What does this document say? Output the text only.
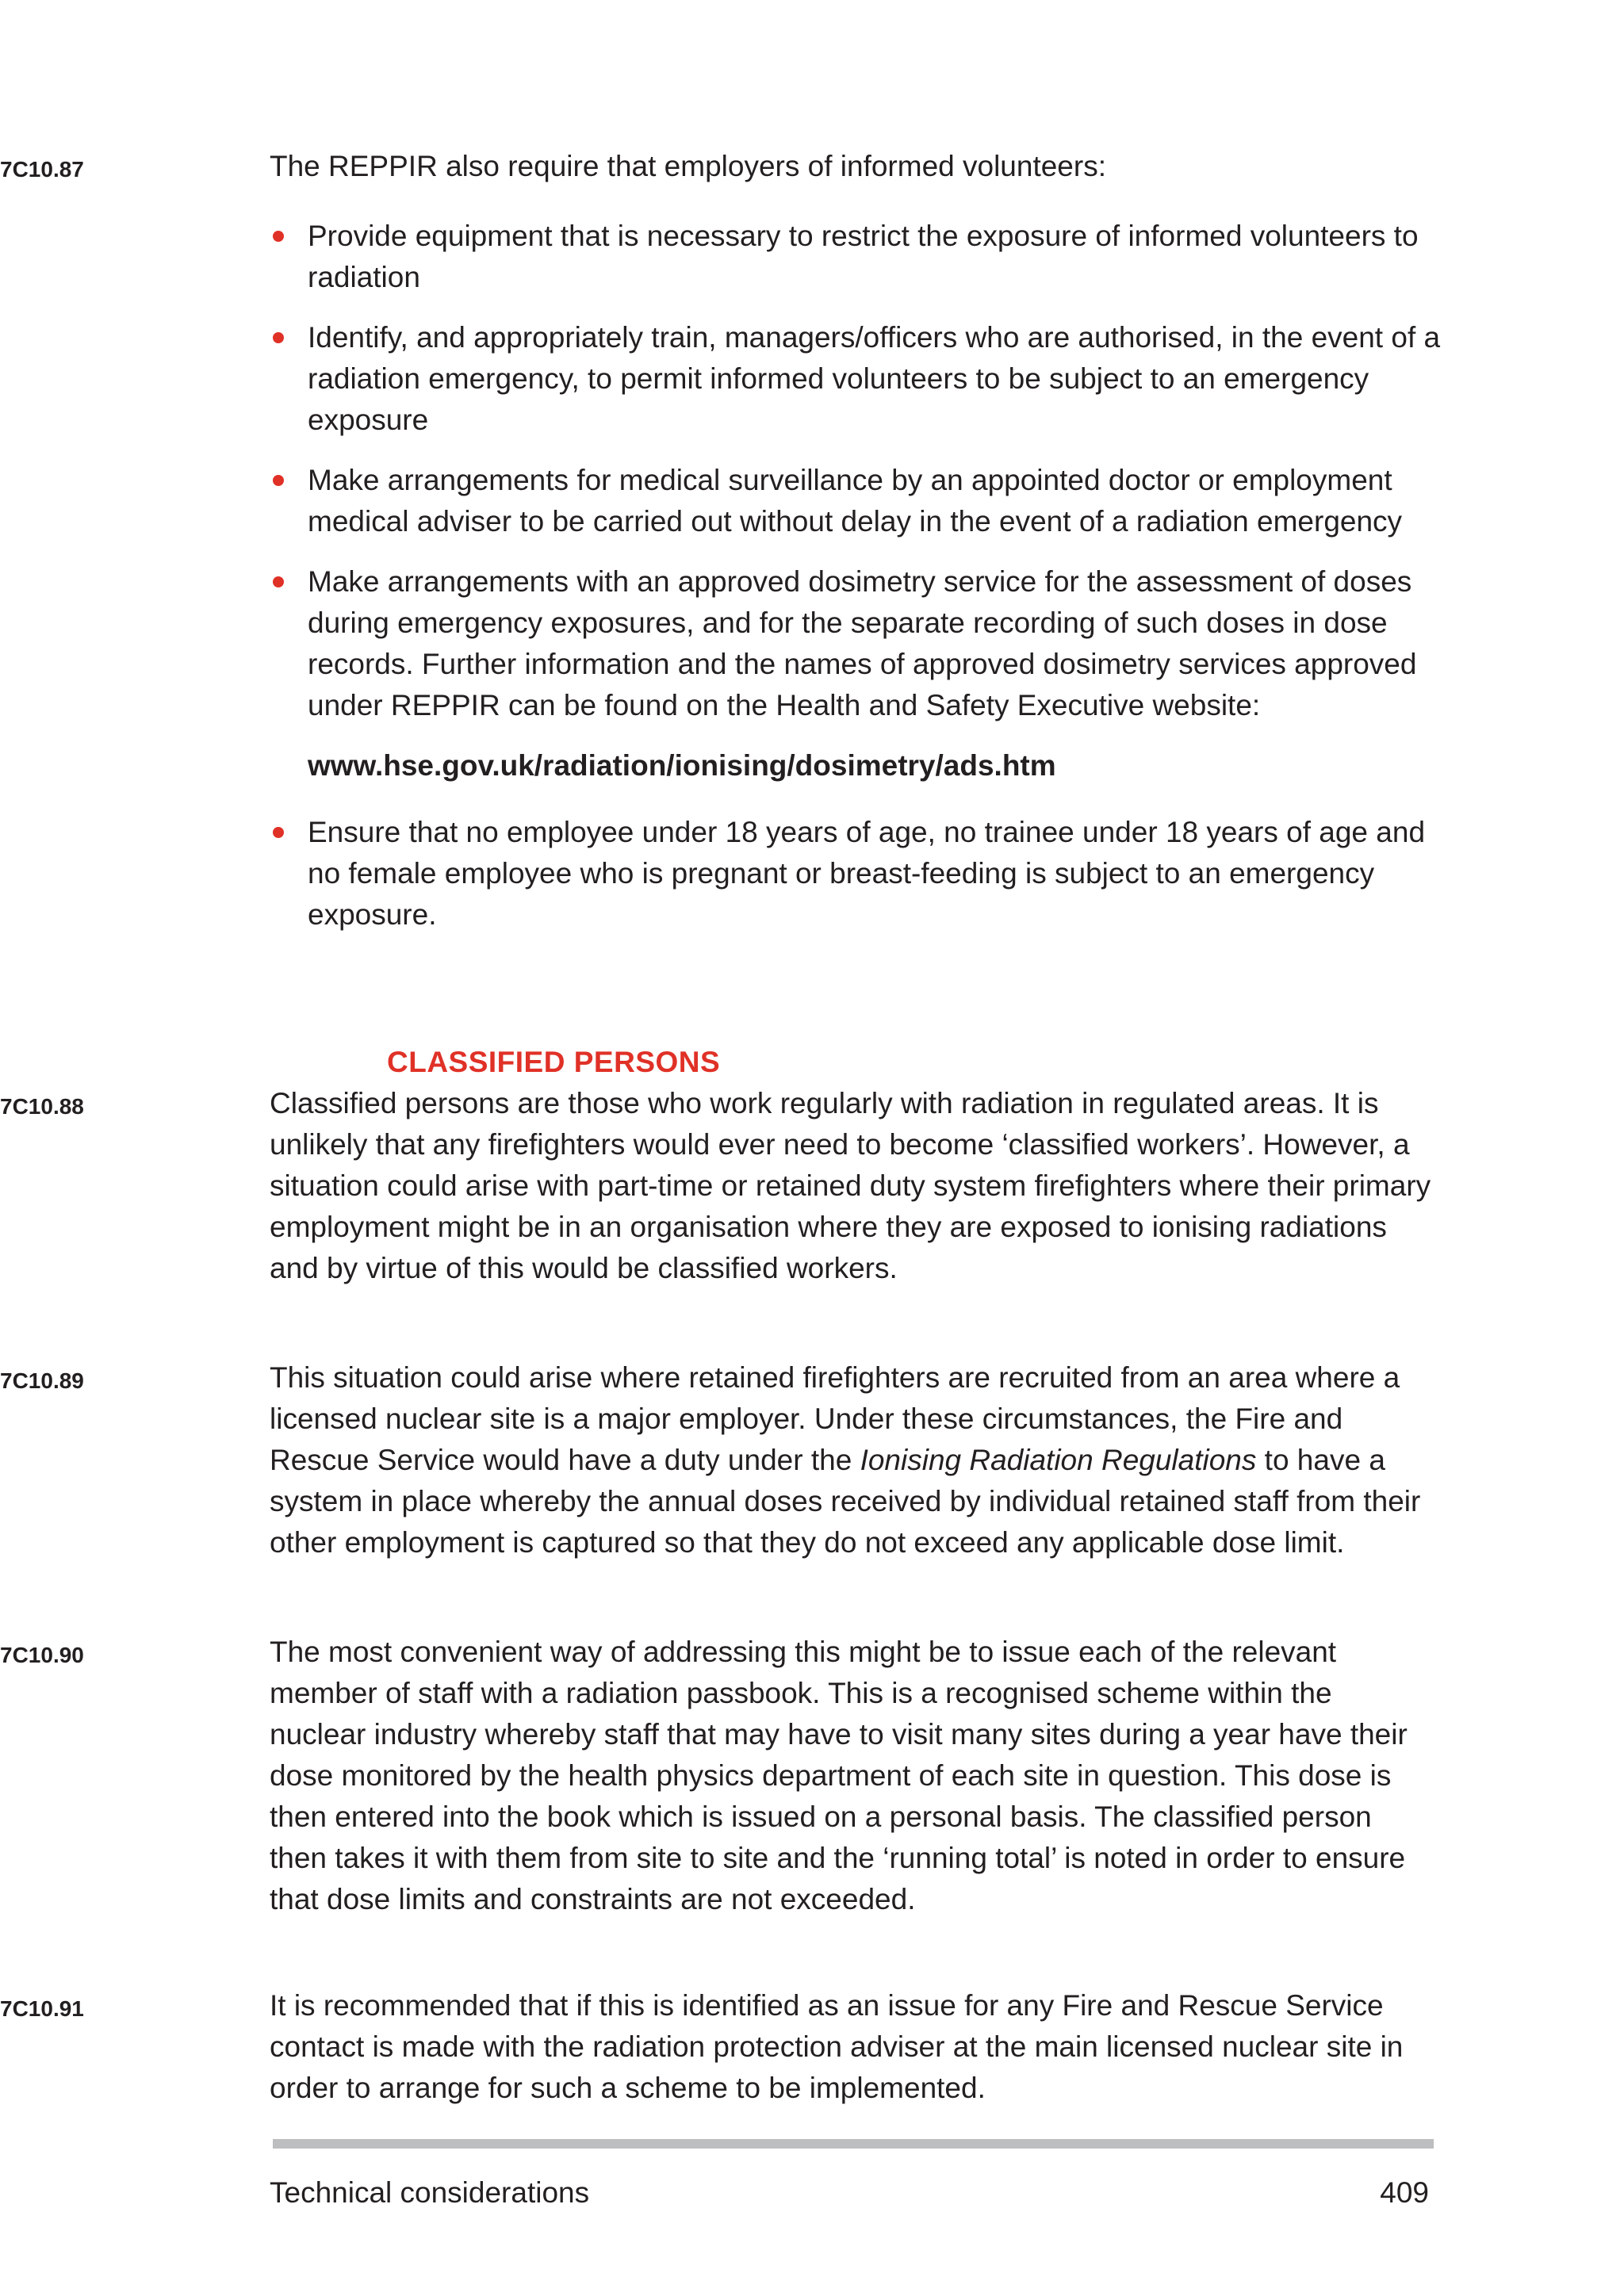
7C10.87	The REPPIR also require that employers of informed volunteers:

Provide equipment that is necessary to restrict the exposure of informed volunteers to radiation
Identify, and appropriately train, managers/officers who are authorised, in the event of a radiation emergency, to permit informed volunteers to be subject to an emergency exposure
Make arrangements for medical surveillance by an appointed doctor or employment medical adviser to be carried out without delay in the event of a radiation emergency
Make arrangements with an approved dosimetry service for the assessment of doses during emergency exposures, and for the separate recording of such doses in dose records. Further information and the names of approved dosimetry services approved under REPPIR can be found on the Health and Safety Executive website:
www.hse.gov.uk/radiation/ionising/dosimetry/ads.htm
Ensure that no employee under 18 years of age, no trainee under 18 years of age and no female employee who is pregnant or breast-feeding is subject to an emergency exposure.
CLASSIFIED PERSONS
7C10.88	Classified persons are those who work regularly with radiation in regulated areas. It is unlikely that any firefighters would ever need to become ‘classified workers’. However, a situation could arise with part-time or retained duty system firefighters where their primary employment might be in an organisation where they are exposed to ionising radiations and by virtue of this would be classified workers.

7C10.89	This situation could arise where retained firefighters are recruited from an area where a licensed nuclear site is a major employer. Under these circumstances, the Fire and Rescue Service would have a duty under the Ionising Radiation Regulations to have a system in place whereby the annual doses received by individual retained staff from their other employment is captured so that they do not exceed any applicable dose limit.

7C10.90	The most convenient way of addressing this might be to issue each of the relevant member of staff with a radiation passbook. This is a recognised scheme within the nuclear industry whereby staff that may have to visit many sites during a year have their dose monitored by the health physics department of each site in question. This dose is then entered into the book which is issued on a personal basis. The classified person then takes it with them from site to site and the ‘running total’ is noted in order to ensure that dose limits and constraints are not exceeded.

7C10.91	It is recommended that if this is identified as an issue for any Fire and Rescue Service contact is made with the radiation protection adviser at the main licensed nuclear site in order to arrange for such a scheme to be implemented.

Technical considerations	409
